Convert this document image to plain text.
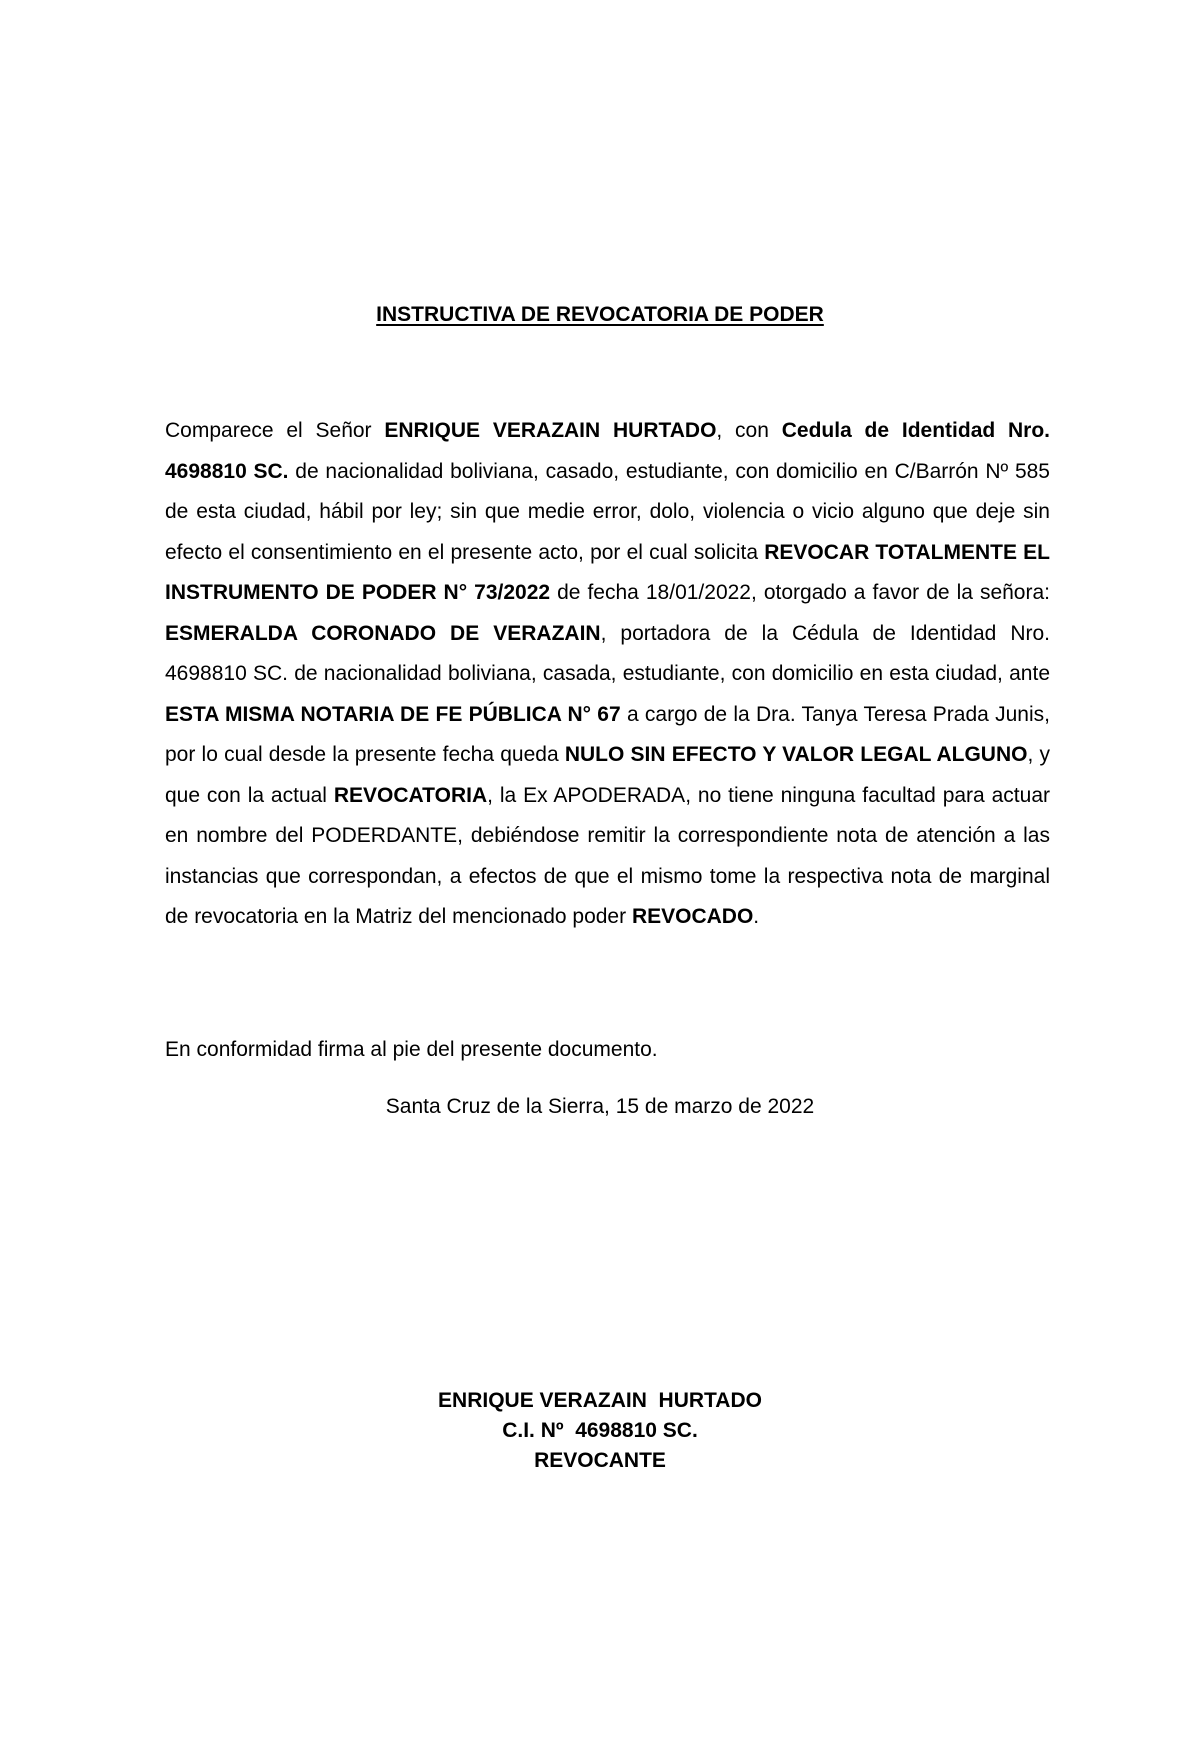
INSTRUCTIVA DE REVOCATORIA DE PODER

Comparece el Señor ENRIQUE VERAZAIN HURTADO, con Cedula de Identidad Nro. 4698810 SC. de nacionalidad boliviana, casado, estudiante, con domicilio en C/Barrón Nº 585 de esta ciudad, hábil por ley; sin que medie error, dolo, violencia o vicio alguno que deje sin efecto el consentimiento en el presente acto, por el cual solicita REVOCAR TOTALMENTE EL INSTRUMENTO DE PODER N° 73/2022 de fecha 18/01/2022, otorgado a favor de la señora: ESMERALDA CORONADO DE VERAZAIN, portadora de la Cédula de Identidad Nro. 4698810 SC. de nacionalidad boliviana, casada, estudiante, con domicilio en esta ciudad, ante ESTA MISMA NOTARIA DE FE PÚBLICA N° 67 a cargo de la Dra. Tanya Teresa Prada Junis, por lo cual desde la presente fecha queda NULO SIN EFECTO Y VALOR LEGAL ALGUNO, y que con la actual REVOCATORIA, la Ex APODERADA, no tiene ninguna facultad para actuar en nombre del PODERDANTE, debiéndose remitir la correspondiente nota de atención a las instancias que correspondan, a efectos de que el mismo tome la respectiva nota de marginal de revocatoria en la Matriz del mencionado poder REVOCADO.

En conformidad firma al pie del presente documento.
Santa Cruz de la Sierra, 15 de marzo de 2022
ENRIQUE VERAZAIN  HURTADO
C.I. Nº  4698810 SC.
REVOCANTE
